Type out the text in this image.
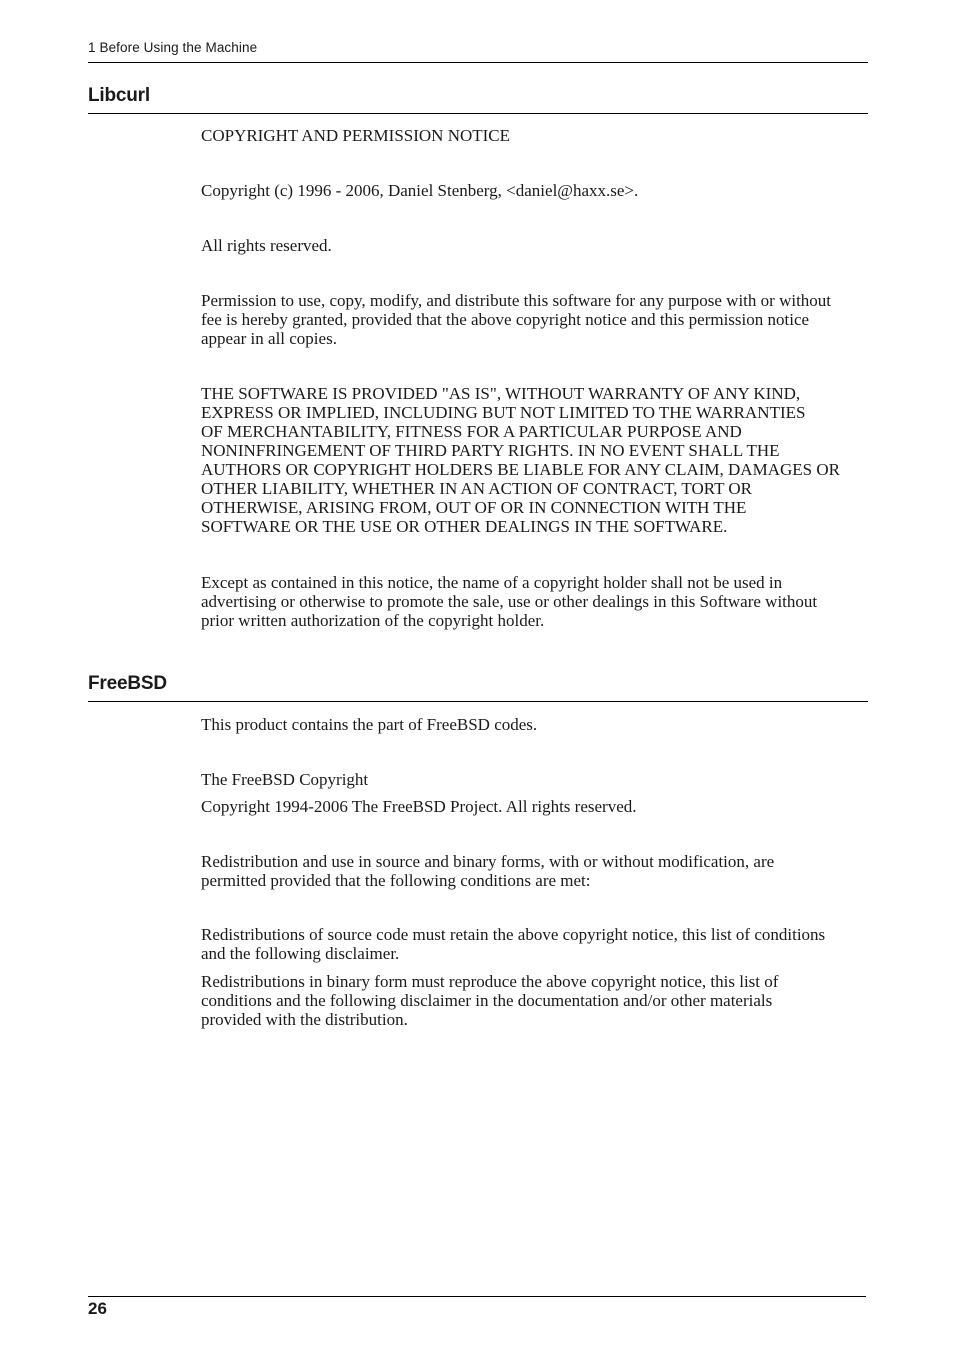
1 Before Using the Machine
Libcurl

COPYRIGHT AND PERMISSION NOTICE

Copyright (c) 1996 - 2006, Daniel Stenberg, <daniel@haxx.se>.

All rights reserved.

Permission to use, copy, modify, and distribute this software for any purpose with or without
fee is hereby granted, provided that the above copyright notice and this permission notice
appear in all copies.

THE SOFTWARE IS PROVIDED "AS IS", WITHOUT WARRANTY OF ANY KIND,
EXPRESS OR IMPLIED, INCLUDING BUT NOT LIMITED TO THE WARRANTIES
OF MERCHANTABILITY, FITNESS FOR A PARTICULAR PURPOSE AND
NONINFRINGEMENT OF THIRD PARTY RIGHTS. IN NO EVENT SHALL THE
AUTHORS OR COPYRIGHT HOLDERS BE LIABLE FOR ANY CLAIM, DAMAGES OR
OTHER LIABILITY, WHETHER IN AN ACTION OF CONTRACT, TORT OR
OTHERWISE, ARISING FROM, OUT OF OR IN CONNECTION WITH THE
SOFTWARE OR THE USE OR OTHER DEALINGS IN THE SOFTWARE.

Except as contained in this notice, the name of a copyright holder shall not be used in
advertising or otherwise to promote the sale, use or other dealings in this Software without
prior written authorization of the copyright holder.

FreeBSD

This product contains the part of FreeBSD codes.

The FreeBSD Copyright

Copyright 1994-2006 The FreeBSD Project. All rights reserved.

Redistribution and use in source and binary forms, with or without modification, are
permitted provided that the following conditions are met:

Redistributions of source code must retain the above copyright notice, this list of conditions
and the following disclaimer.

Redistributions in binary form must reproduce the above copyright notice, this list of
conditions and the following disclaimer in the documentation and/or other materials
provided with the distribution.

26
